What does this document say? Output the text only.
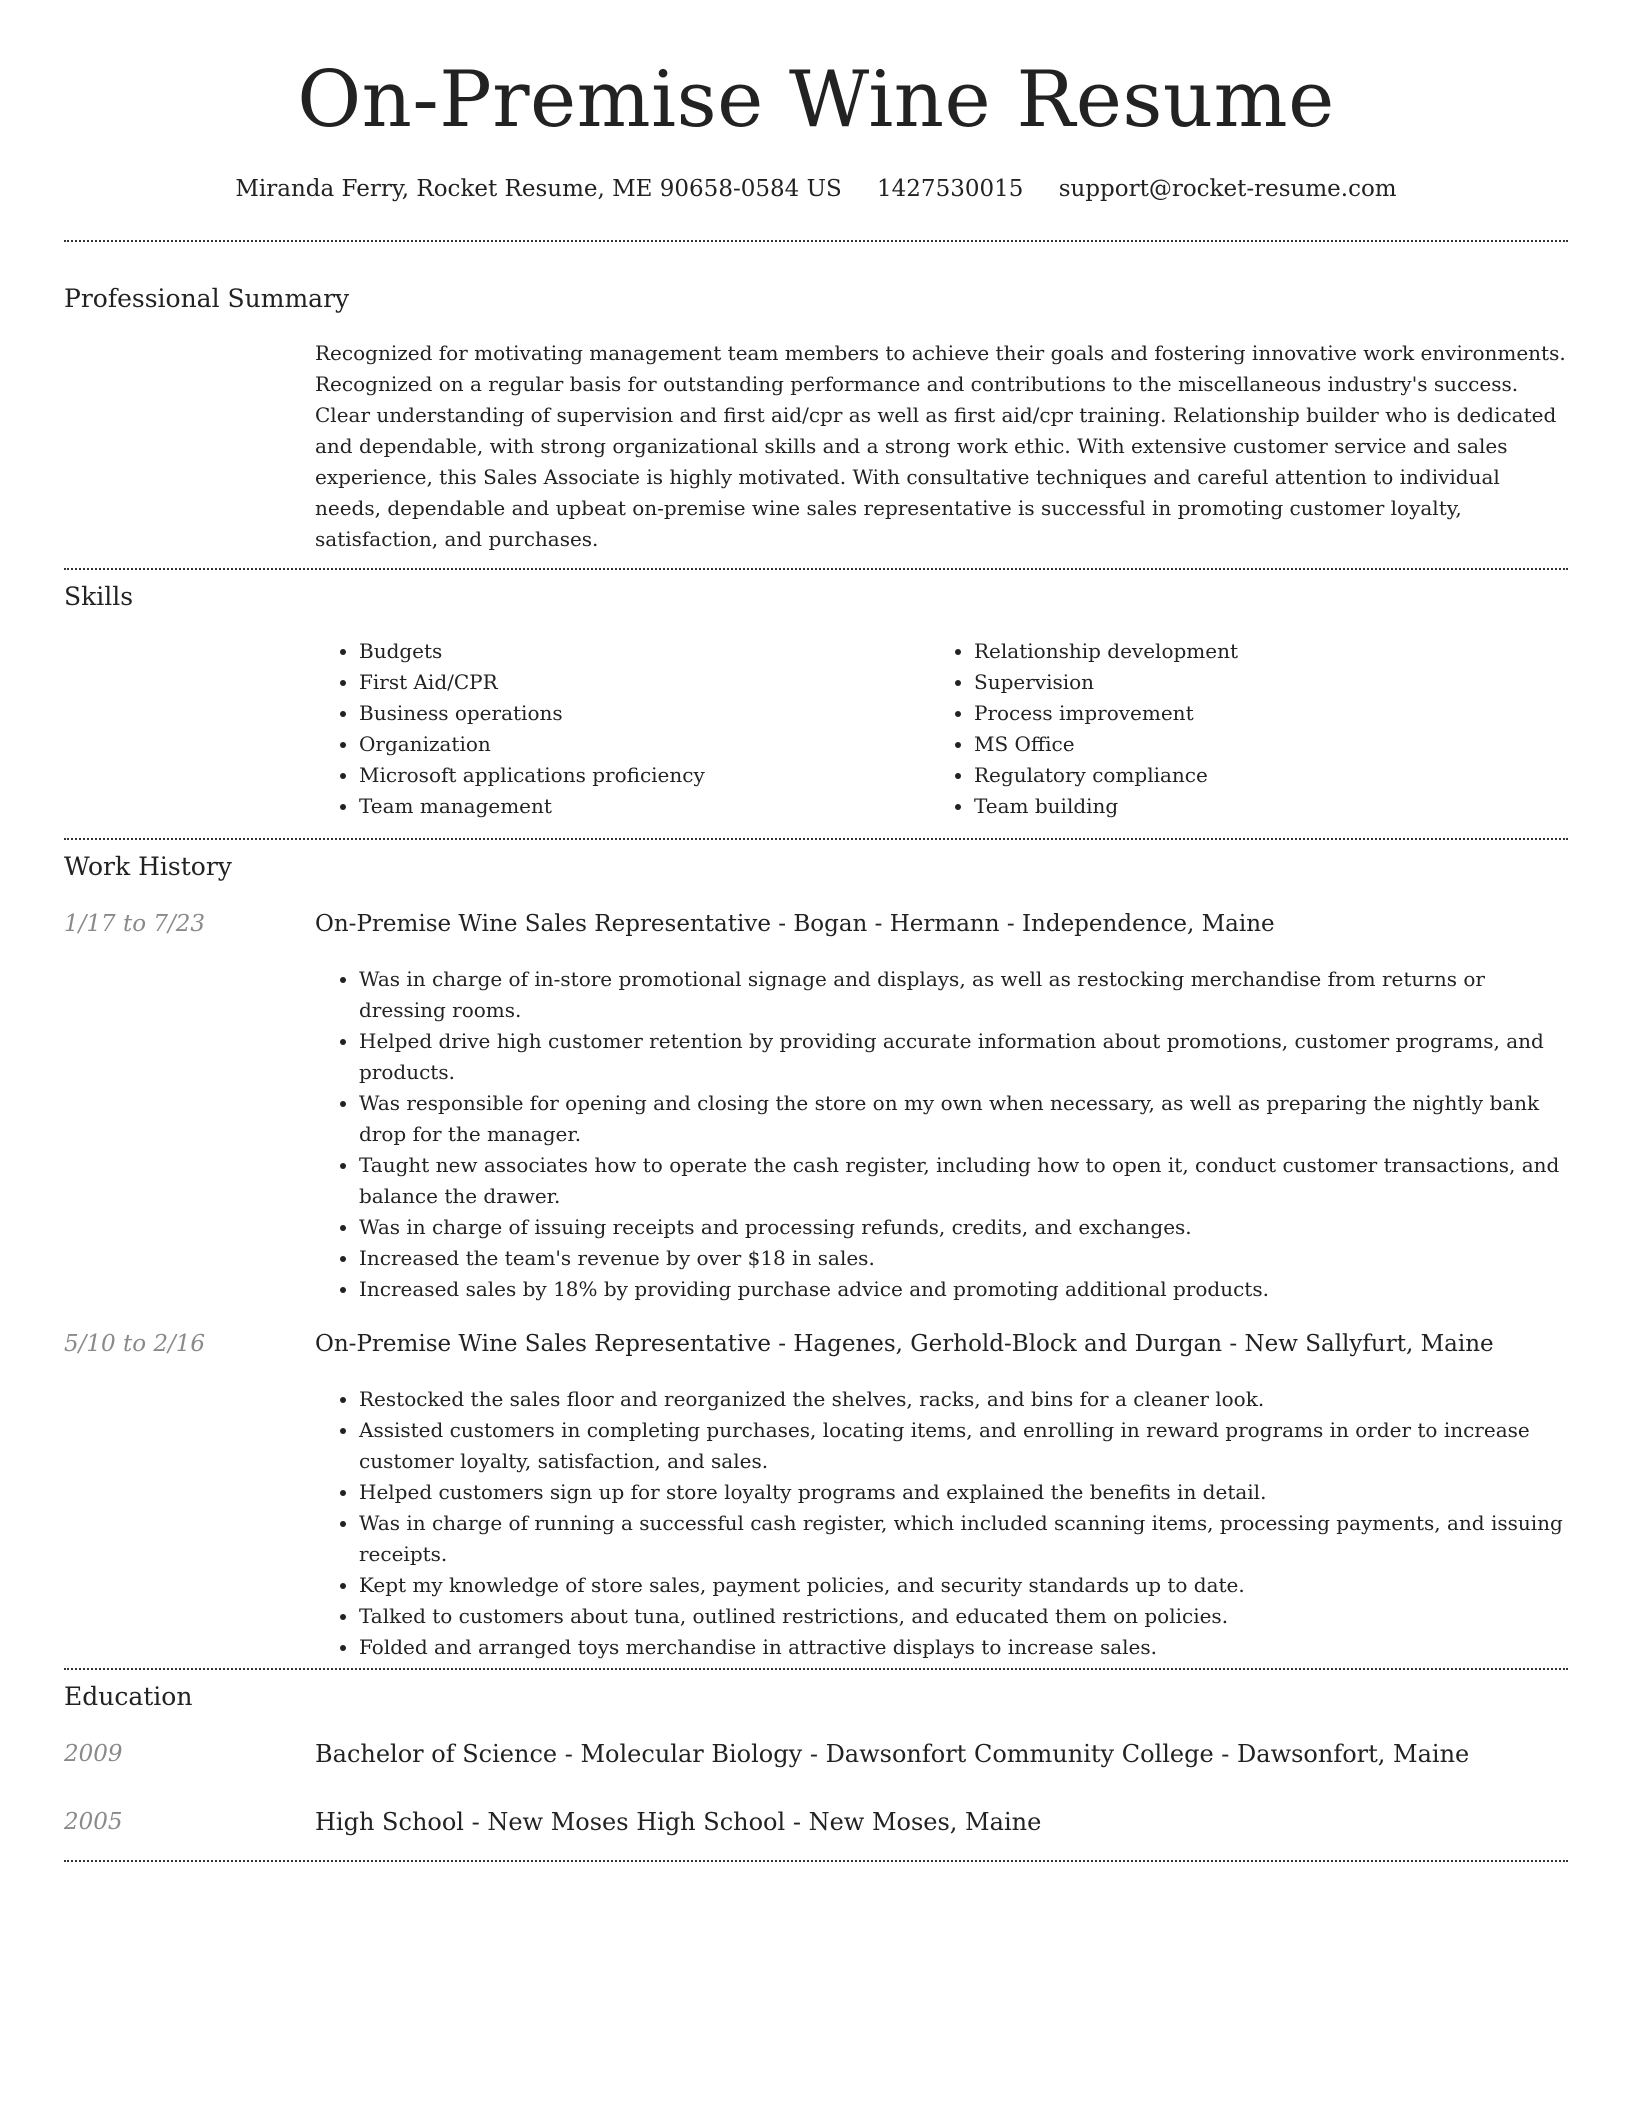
On-Premise Wine Resume
Miranda Ferry, Rocket Resume, ME 90658-0584 US 1427530015 support@rocket-resume.com
Professional Summary

Recognized for motivating management team members to achieve their goals and fostering innovative work environments. Recognized on a regular basis for outstanding performance and contributions to the miscellaneous industry's success. Clear understanding of supervision and first aid/cpr as well as first aid/cpr training. Relationship builder who is dedicated and dependable, with strong organizational skills and a strong work ethic. With extensive customer service and sales experience, this Sales Associate is highly motivated. With consultative techniques and careful attention to individual needs, dependable and upbeat on-premise wine sales representative is successful in promoting customer loyalty, satisfaction, and purchases.

Skills
• Budgets
• First Aid/CPR
• Business operations
• Organization
• Microsoft applications proficiency
• Team management
• Relationship development
• Supervision
• Process improvement
• MS Office
• Regulatory compliance
• Team building
Work History
1/17 to 7/23	On-Premise Wine Sales Representative - Bogan - Hermann - Independence, Maine
• Was in charge of in-store promotional signage and displays, as well as restocking merchandise from returns or dressing rooms.
• Helped drive high customer retention by providing accurate information about promotions, customer programs, and products.
• Was responsible for opening and closing the store on my own when necessary, as well as preparing the nightly bank drop for the manager.
• Taught new associates how to operate the cash register, including how to open it, conduct customer transactions, and balance the drawer.
• Was in charge of issuing receipts and processing refunds, credits, and exchanges.
• Increased the team's revenue by over $18 in sales.
• Increased sales by 18% by providing purchase advice and promoting additional products.
5/10 to 2/16	On-Premise Wine Sales Representative - Hagenes, Gerhold-Block and Durgan - New Sallyfurt, Maine
• Restocked the sales floor and reorganized the shelves, racks, and bins for a cleaner look.
• Assisted customers in completing purchases, locating items, and enrolling in reward programs in order to increase customer loyalty, satisfaction, and sales.
• Helped customers sign up for store loyalty programs and explained the benefits in detail.
• Was in charge of running a successful cash register, which included scanning items, processing payments, and issuing receipts.
• Kept my knowledge of store sales, payment policies, and security standards up to date.
• Talked to customers about tuna, outlined restrictions, and educated them on policies.
• Folded and arranged toys merchandise in attractive displays to increase sales.
Education
2009	Bachelor of Science - Molecular Biology - Dawsonfort Community College - Dawsonfort, Maine
2005	High School - New Moses High School - New Moses, Maine
